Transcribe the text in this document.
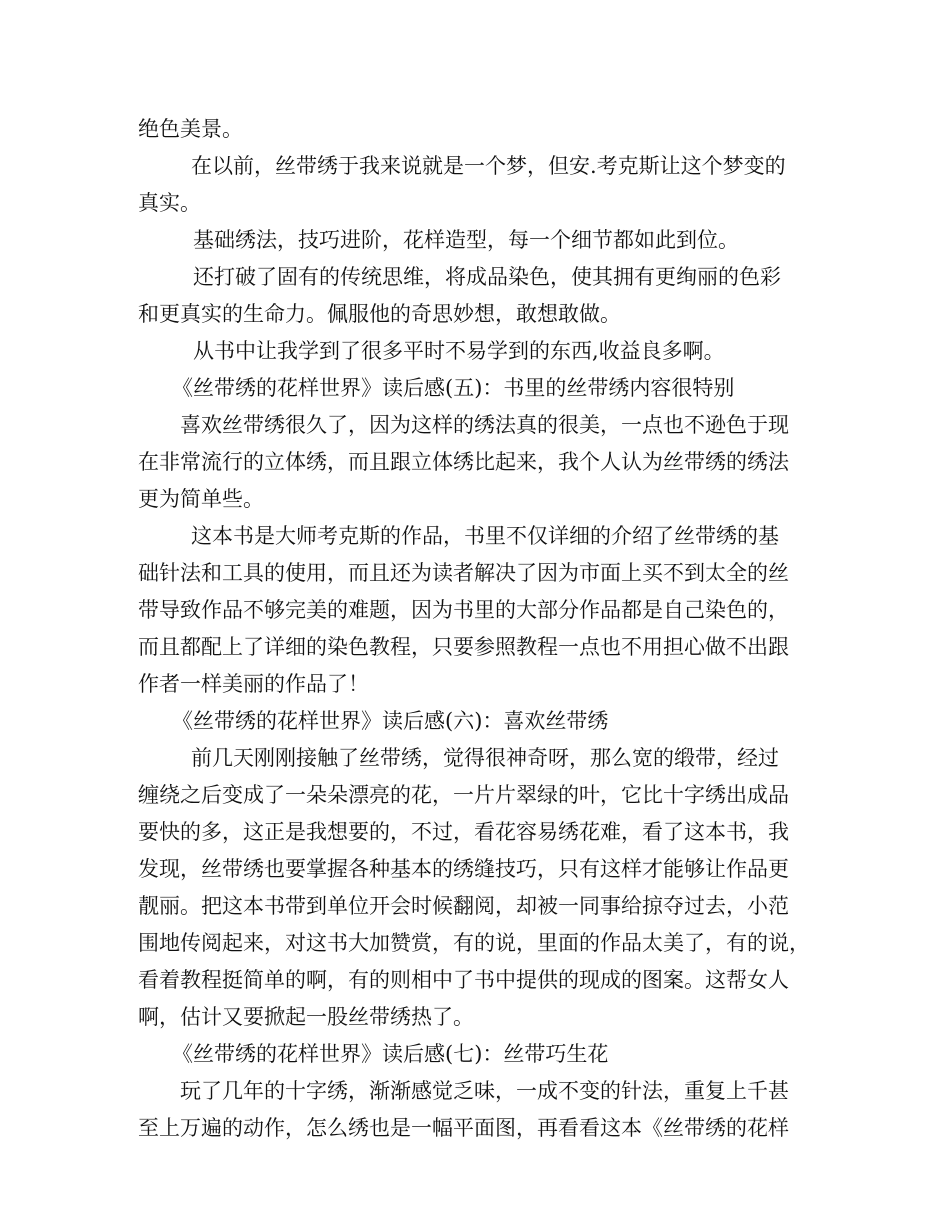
绝色美景。
在以前，丝带绣于我来说就是一个梦，但安.考克斯让这个梦变的
真实。
基础绣法，技巧进阶，花样造型，每一个细节都如此到位。
还打破了固有的传统思维，将成品染色，使其拥有更绚丽的色彩
和更真实的生命力。佩服他的奇思妙想，敢想敢做。
从书中让我学到了很多平时不易学到的东西,收益良多啊。
《丝带绣的花样世界》读后感(五)：书里的丝带绣内容很特别
喜欢丝带绣很久了，因为这样的绣法真的很美，一点也不逊色于现
在非常流行的立体绣，而且跟立体绣比起来，我个人认为丝带绣的绣法
更为简单些。
这本书是大师考克斯的作品，书里不仅详细的介绍了丝带绣的基
础针法和工具的使用，而且还为读者解决了因为市面上买不到太全的丝
带导致作品不够完美的难题，因为书里的大部分作品都是自己染色的，
而且都配上了详细的染色教程，只要参照教程一点也不用担心做不出跟
作者一样美丽的作品了！
《丝带绣的花样世界》读后感(六)：喜欢丝带绣
前几天刚刚接触了丝带绣，觉得很神奇呀，那么宽的缎带，经过
缠绕之后变成了一朵朵漂亮的花，一片片翠绿的叶，它比十字绣出成品
要快的多，这正是我想要的，不过，看花容易绣花难，看了这本书，我
发现，丝带绣也要掌握各种基本的绣缝技巧，只有这样才能够让作品更
靓丽。把这本书带到单位开会时候翻阅，却被一同事给掠夺过去，小范
围地传阅起来，对这书大加赞赏，有的说，里面的作品太美了，有的说，
看着教程挺简单的啊，有的则相中了书中提供的现成的图案。这帮女人
啊，估计又要掀起一股丝带绣热了。
《丝带绣的花样世界》读后感(七)：丝带巧生花
玩了几年的十字绣，渐渐感觉乏味，一成不变的针法，重复上千甚
至上万遍的动作，怎么绣也是一幅平面图，再看看这本《丝带绣的花样
